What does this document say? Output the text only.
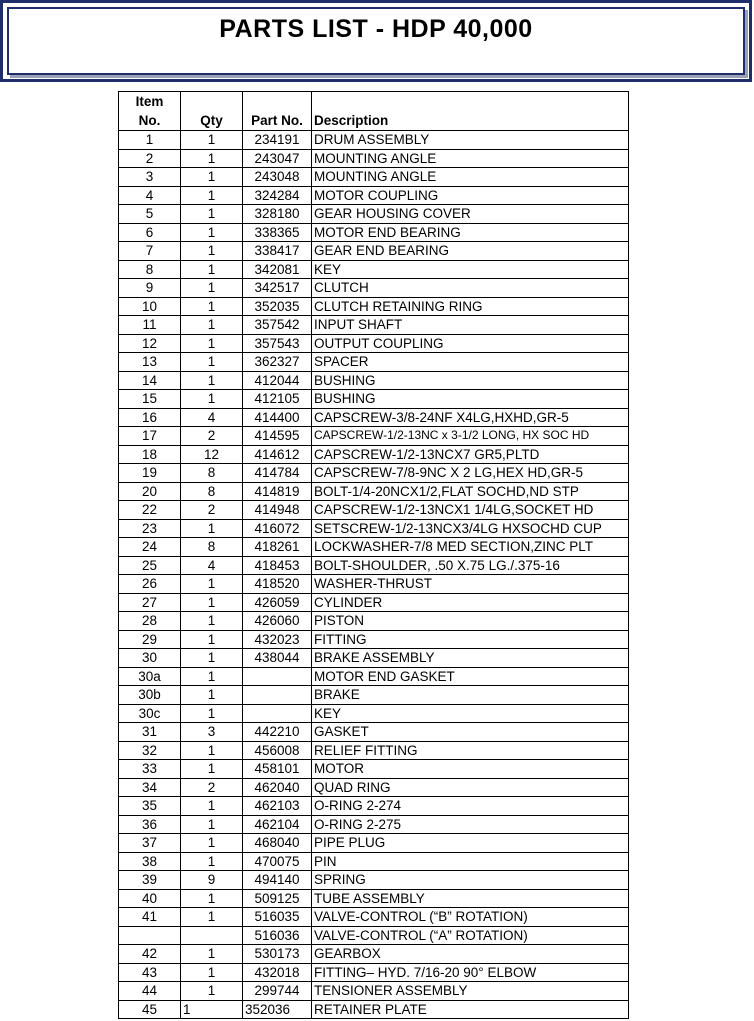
PARTS LIST - HDP 40,000
Item
No.	Qty	Part No.	Description
1	1	234191	DRUM ASSEMBLY
2	1	243047	MOUNTING ANGLE
3	1	243048	MOUNTING ANGLE
4	1	324284	MOTOR COUPLING
5	1	328180	GEAR HOUSING COVER
6	1	338365	MOTOR END BEARING
7	1	338417	GEAR END BEARING
8	1	342081	KEY
9	1	342517	CLUTCH
10	1	352035	CLUTCH RETAINING RING
11	1	357542	INPUT SHAFT
12	1	357543	OUTPUT COUPLING
13	1	362327	SPACER
14	1	412044	BUSHING
15	1	412105	BUSHING
16	4	414400	CAPSCREW-3/8-24NF X4LG,HXHD,GR-5
17	2	414595	CAPSCREW-1/2-13NC x 3-1/2 LONG, HX SOC HD
18	12	414612	CAPSCREW-1/2-13NCX7 GR5,PLTD
19	8	414784	CAPSCREW-7/8-9NC X 2 LG,HEX HD,GR-5
20	8	414819	BOLT-1/4-20NCX1/2,FLAT SOCHD,ND STP
22	2	414948	CAPSCREW-1/2-13NCX1 1/4LG,SOCKET HD
23	1	416072	SETSCREW-1/2-13NCX3/4LG HXSOCHD CUP
24	8	418261	LOCKWASHER-7/8 MED SECTION,ZINC PLT
25	4	418453	BOLT-SHOULDER, .50 X.75 LG./.375-16
26	1	418520	WASHER-THRUST
27	1	426059	CYLINDER
28	1	426060	PISTON
29	1	432023	FITTING
30	1	438044	BRAKE ASSEMBLY
30a	1		MOTOR END GASKET
30b	1		BRAKE
30c	1		KEY
31	3	442210	GASKET
32	1	456008	RELIEF FITTING
33	1	458101	MOTOR
34	2	462040	QUAD RING
35	1	462103	O-RING 2-274
36	1	462104	O-RING 2-275
37	1	468040	PIPE PLUG
38	1	470075	PIN
39	9	494140	SPRING
40	1	509125	TUBE ASSEMBLY
41	1	516035	VALVE-CONTROL (“B” ROTATION)
		516036	VALVE-CONTROL (“A” ROTATION)
42	1	530173	GEARBOX
43	1	432018	FITTING– HYD. 7/16-20 90° ELBOW
44	1	299744	TENSIONER ASSEMBLY
45	1	352036	RETAINER PLATE
